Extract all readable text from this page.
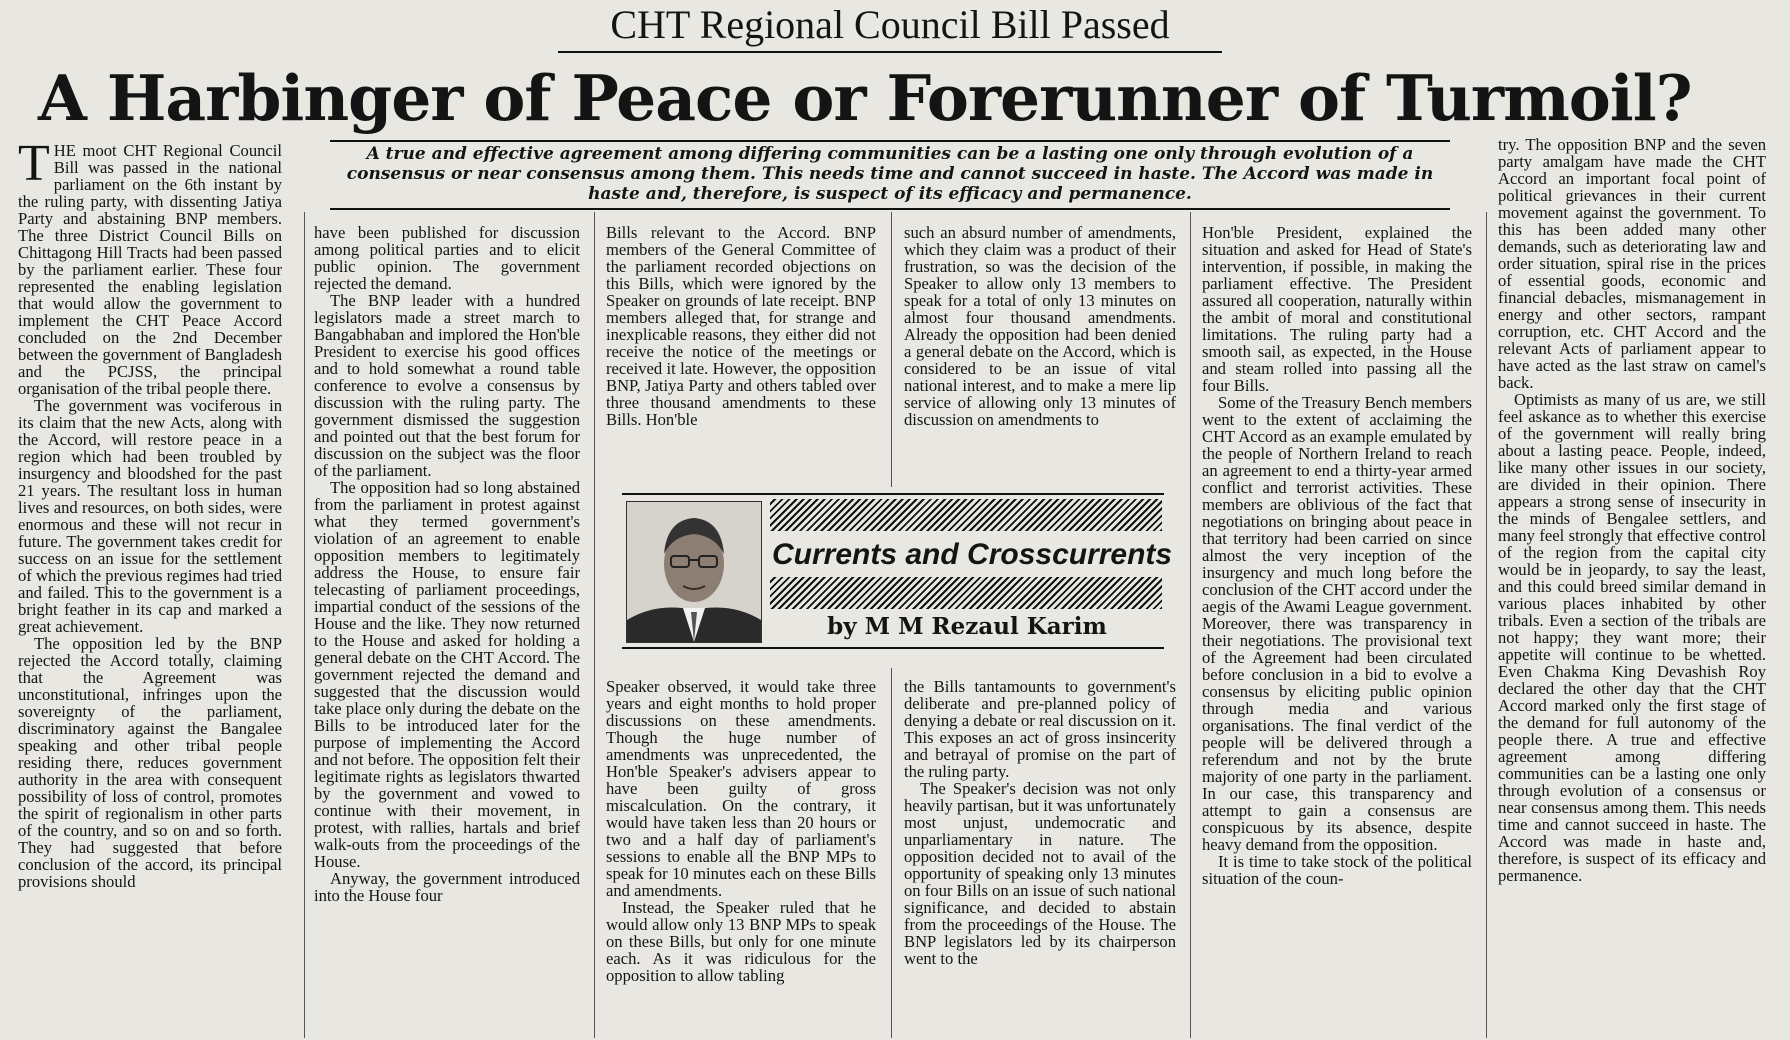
CHT Regional Council Bill Passed
A Harbinger of Peace or Forerunner of Turmoil?
A true and effective agreement among differing communities can be a lasting one only through evolution of a consensus or near consensus among them. This needs time and cannot succeed in haste. The Accord was made in haste and, therefore, is suspect of its efficacy and permanence.

THE moot CHT Regional Council Bill was passed in the national parliament on the 6th instant by the ruling party, with dissenting Jatiya Party and abstaining BNP members. The three District Council Bills on Chittagong Hill Tracts had been passed by the parliament earlier. These four represented the enabling legislation that would allow the government to implement the CHT Peace Accord concluded on the 2nd December between the government of Bangladesh and the PCJSS, the principal organisation of the tribal people there.

The government was vociferous in its claim that the new Acts, along with the Accord, will restore peace in a region which had been troubled by insurgency and bloodshed for the past 21 years. The resultant loss in human lives and resources, on both sides, were enormous and these will not recur in future. The government takes credit for success on an issue for the settlement of which the previous regimes had tried and failed. This to the government is a bright feather in its cap and marked a great achievement.

The opposition led by the BNP rejected the Accord totally, claiming that the Agreement was unconstitutional, infringes upon the sovereignty of the parliament, discriminatory against the Bangalee speaking and other tribal people residing there, reduces government authority in the area with consequent possibility of loss of control, promotes the spirit of regionalism in other parts of the country, and so on and so forth. They had suggested that before conclusion of the accord, its principal provisions should

have been published for discussion among political parties and to elicit public opinion. The government rejected the demand.

The BNP leader with a hundred legislators made a street march to Bangabhaban and implored the Hon'ble President to exercise his good offices and to hold somewhat a round table conference to evolve a consensus by discussion with the ruling party. The government dismissed the suggestion and pointed out that the best forum for discussion on the subject was the floor of the parliament.

The opposition had so long abstained from the parliament in protest against what they termed government's violation of an agreement to enable opposition members to legitimately address the House, to ensure fair telecasting of parliament proceedings, impartial conduct of the sessions of the House and the like. They now returned to the House and asked for holding a general debate on the CHT Accord. The government rejected the demand and suggested that the discussion would take place only during the debate on the Bills to be introduced later for the purpose of implementing the Accord and not before. The opposition felt their legitimate rights as legislators thwarted by the government and vowed to continue with their movement, in protest, with rallies, hartals and brief walk-outs from the proceedings of the House.

Anyway, the government introduced into the House four

Bills relevant to the Accord. BNP members of the General Committee of the parliament recorded objections on this Bills, which were ignored by the Speaker on grounds of late receipt. BNP members alleged that, for strange and inexplicable reasons, they either did not receive the notice of the meetings or received it late. However, the opposition BNP, Jatiya Party and others tabled over three thousand amendments to these Bills. Hon'ble

such an absurd number of amendments, which they claim was a product of their frustration, so was the decision of the Speaker to allow only 13 members to speak for a total of only 13 minutes on almost four thousand amendments. Already the opposition had been denied a general debate on the Accord, which is considered to be an issue of vital national interest, and to make a mere lip service of allowing only 13 minutes of discussion on amendments to

Currents and Crosscurrents
by M M Rezaul Karim

Speaker observed, it would take three years and eight months to hold proper discussions on these amendments. Though the huge number of amendments was unprecedented, the Hon'ble Speaker's advisers appear to have been guilty of gross miscalculation. On the contrary, it would have taken less than 20 hours or two and a half day of parliament's sessions to enable all the BNP MPs to speak for 10 minutes each on these Bills and amendments.

Instead, the Speaker ruled that he would allow only 13 BNP MPs to speak on these Bills, but only for one minute each. As it was ridiculous for the opposition to allow tabling

the Bills tantamounts to government's deliberate and pre-planned policy of denying a debate or real discussion on it. This exposes an act of gross insincerity and betrayal of promise on the part of the ruling party.

The Speaker's decision was not only heavily partisan, but it was unfortunately most unjust, undemocratic and unparliamentary in nature. The opposition decided not to avail of the opportunity of speaking only 13 minutes on four Bills on an issue of such national significance, and decided to abstain from the proceedings of the House. The BNP legislators led by its chairperson went to the

Hon'ble President, explained the situation and asked for Head of State's intervention, if possible, in making the parliament effective. The President assured all cooperation, naturally within the ambit of moral and constitutional limitations. The ruling party had a smooth sail, as expected, in the House and steam rolled into passing all the four Bills.

Some of the Treasury Bench members went to the extent of acclaiming the CHT Accord as an example emulated by the people of Northern Ireland to reach an agreement to end a thirty-year armed conflict and terrorist activities. These members are oblivious of the fact that negotiations on bringing about peace in that territory had been carried on since almost the very inception of the insurgency and much long before the conclusion of the CHT accord under the aegis of the Awami League government. Moreover, there was transparency in their negotiations. The provisional text of the Agreement had been circulated before conclusion in a bid to evolve a consensus by eliciting public opinion through media and various organisations. The final verdict of the people will be delivered through a referendum and not by the brute majority of one party in the parliament. In our case, this transparency and attempt to gain a consensus are conspicuous by its absence, despite heavy demand from the opposition.

It is time to take stock of the political situation of the coun-

try. The opposition BNP and the seven party amalgam have made the CHT Accord an important focal point of political grievances in their current movement against the government. To this has been added many other demands, such as deteriorating law and order situation, spiral rise in the prices of essential goods, economic and financial debacles, mismanagement in energy and other sectors, rampant corruption, etc. CHT Accord and the relevant Acts of parliament appear to have acted as the last straw on camel's back.

Optimists as many of us are, we still feel askance as to whether this exercise of the government will really bring about a lasting peace. People, indeed, like many other issues in our society, are divided in their opinion. There appears a strong sense of insecurity in the minds of Bengalee settlers, and many feel strongly that effective control of the region from the capital city would be in jeopardy, to say the least, and this could breed similar demand in various places inhabited by other tribals. Even a section of the tribals are not happy; they want more; their appetite will continue to be whetted. Even Chakma King Devashish Roy declared the other day that the CHT Accord marked only the first stage of the demand for full autonomy of the people there. A true and effective agreement among differing communities can be a lasting one only through evolution of a consensus or near consensus among them. This needs time and cannot succeed in haste. The Accord was made in haste and, therefore, is suspect of its efficacy and permanence.
